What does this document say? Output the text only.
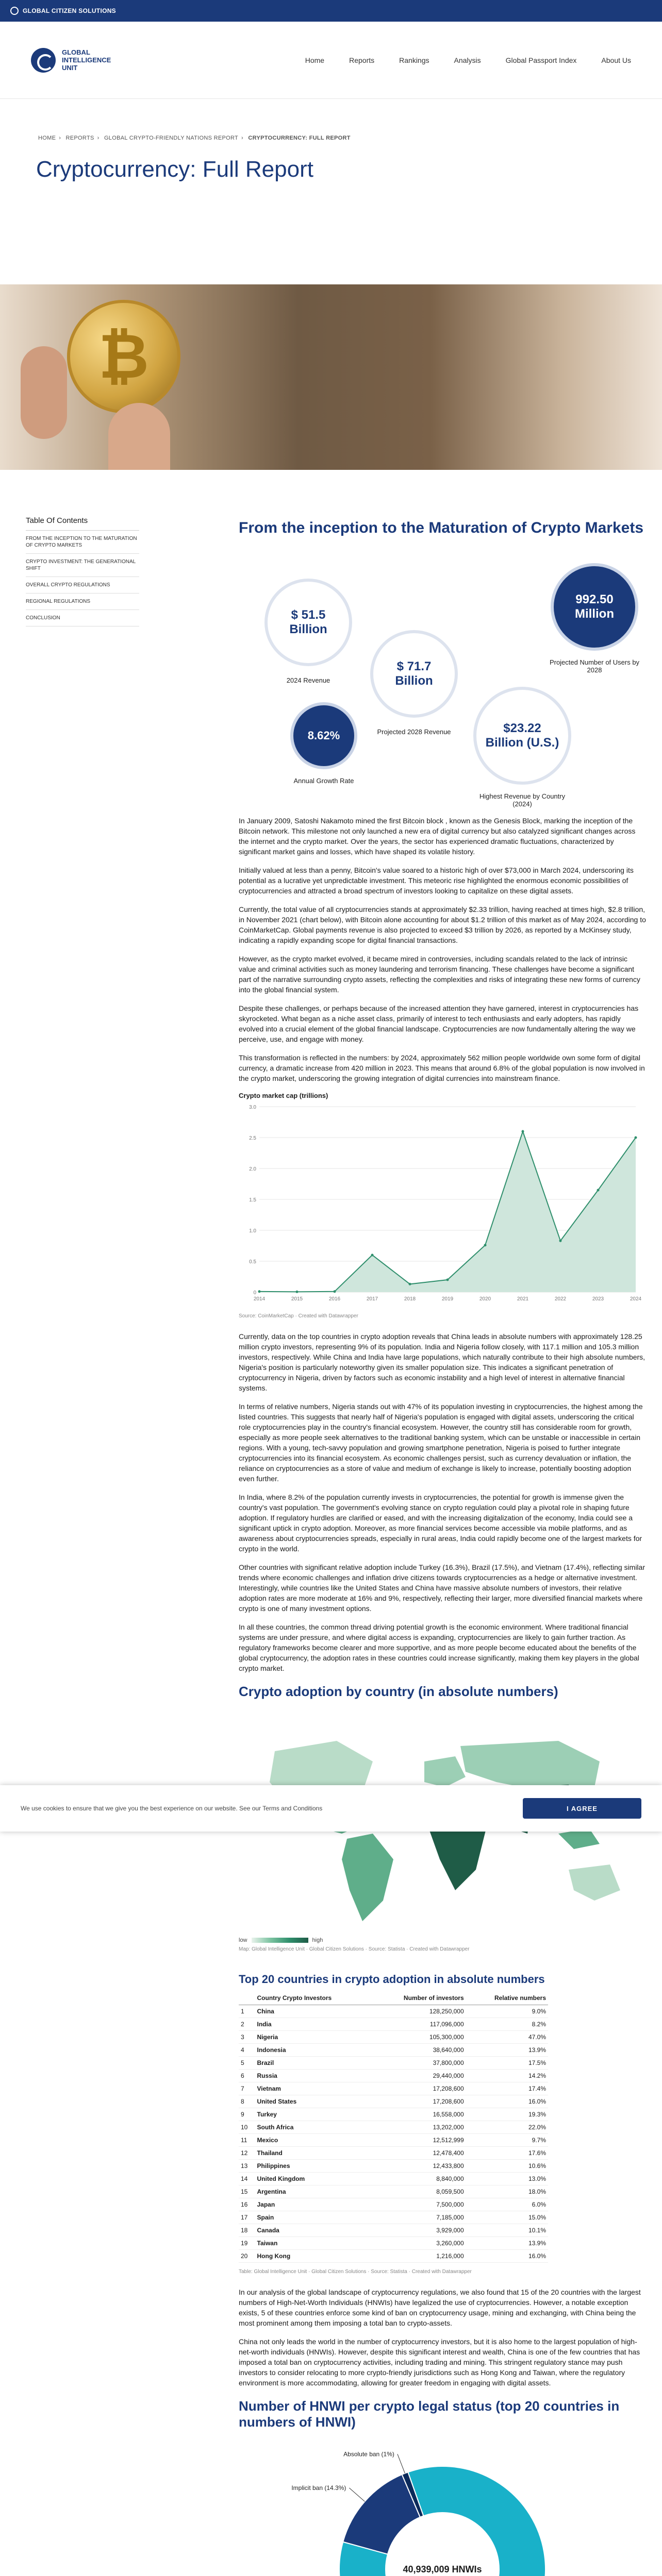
GLOBAL CITIZEN SOLUTIONS
GLOBAL INTELLIGENCE UNIT
Home	Reports	Rankings	Analysis	Global Passport Index	About Us
HOME › REPORTS › GLOBAL CRYPTO-FRIENDLY NATIONS REPORT › CRYPTOCURRENCY: FULL REPORT
Cryptocurrency: Full Report
₿
Table Of Contents
FROM THE INCEPTION TO THE MATURATION OF CRYPTO MARKETS
CRYPTO INVESTMENT: THE GENERATIONAL SHIFT
OVERALL CRYPTO REGULATIONS
REGIONAL REGULATIONS
CONCLUSION
From the inception to the Maturation of Crypto Markets
$ 51.5 Billion
2024 Revenue
$ 71.7 Billion
Projected 2028 Revenue
992.50 Million
Projected Number of Users by 2028
8.62%
Annual Growth Rate
$23.22 Billion (U.S.)
Highest Revenue by Country (2024)

In January 2009, Satoshi Nakamoto mined the first Bitcoin block , known as the Genesis Block, marking the inception of the Bitcoin network. This milestone not only launched a new era of digital currency but also catalyzed significant changes across the internet and the crypto market. Over the years, the sector has experienced dramatic fluctuations, characterized by significant market gains and losses, which have shaped its volatile history.

Initially valued at less than a penny, Bitcoin's value soared to a historic high of over $73,000 in March 2024, underscoring its potential as a lucrative yet unpredictable investment. This meteoric rise highlighted the enormous economic possibilities of cryptocurrencies and attracted a broad spectrum of investors looking to capitalize on these digital assets.

Currently, the total value of all cryptocurrencies stands at approximately $2.33 trillion, having reached at times high, $2.8 trillion, in November 2021 (chart below), with Bitcoin alone accounting for about $1.2 trillion of this market as of May 2024, according to CoinMarketCap. Global payments revenue is also projected to exceed $3 trillion by 2026, as reported by a McKinsey study, indicating a rapidly expanding scope for digital financial transactions.

However, as the crypto market evolved, it became mired in controversies, including scandals related to the lack of intrinsic value and criminal activities such as money laundering and terrorism financing. These challenges have become a significant part of the narrative surrounding crypto assets, reflecting the complexities and risks of integrating these new forms of currency into the global financial system.

Despite these challenges, or perhaps because of the increased attention they have garnered, interest in cryptocurrencies has skyrocketed. What began as a niche asset class, primarily of interest to tech enthusiasts and early adopters, has rapidly evolved into a crucial element of the global financial landscape. Cryptocurrencies are now fundamentally altering the way we perceive, use, and engage with money.

This transformation is reflected in the numbers: by 2024, approximately 562 million people worldwide own some form of digital currency, a dramatic increase from 420 million in 2023. This means that around 6.8% of the global population is now involved in the crypto market, underscoring the growing integration of digital currencies into mainstream finance.

Crypto market cap (trillions)
0
0.5
1.0
1.5
2.0
2.5
3.0
2014	2015	2016	2017	2018	2019	2020	2021	2022	2023	2024
Source: CoinMarketCap · Created with Datawrapper

Currently, data on the top countries in crypto adoption reveals that China leads in absolute numbers with approximately 128.25 million crypto investors, representing 9% of its population. India and Nigeria follow closely, with 117.1 million and 105.3 million investors, respectively. While China and India have large populations, which naturally contribute to their high absolute numbers, Nigeria's position is particularly noteworthy given its smaller population size. This indicates a significant penetration of cryptocurrency in Nigeria, driven by factors such as economic instability and a high level of interest in alternative financial systems.

In terms of relative numbers, Nigeria stands out with 47% of its population investing in cryptocurrencies, the highest among the listed countries. This suggests that nearly half of Nigeria's population is engaged with digital assets, underscoring the critical role cryptocurrencies play in the country's financial ecosystem. However, the country still has considerable room for growth, especially as more people seek alternatives to the traditional banking system, which can be unstable or inaccessible in certain regions. With a young, tech-savvy population and growing smartphone penetration, Nigeria is poised to further integrate cryptocurrencies into its financial ecosystem. As economic challenges persist, such as currency devaluation or inflation, the reliance on cryptocurrencies as a store of value and medium of exchange is likely to increase, potentially boosting adoption even further.

In India, where 8.2% of the population currently invests in cryptocurrencies, the potential for growth is immense given the country's vast population. The government's evolving stance on crypto regulation could play a pivotal role in shaping future adoption. If regulatory hurdles are clarified or eased, and with the increasing digitalization of the economy, India could see a significant uptick in crypto adoption. Moreover, as more financial services become accessible via mobile platforms, and as awareness about cryptocurrencies spreads, especially in rural areas, India could rapidly become one of the largest markets for crypto in the world.

Other countries with significant relative adoption include Turkey (16.3%), Brazil (17.5%), and Vietnam (17.4%), reflecting similar trends where economic challenges and inflation drive citizens towards cryptocurrencies as a hedge or alternative investment. Interestingly, while countries like the United States and China have massive absolute numbers of investors, their relative adoption rates are more moderate at 16% and 9%, respectively, reflecting their larger, more diversified financial markets where crypto is one of many investment options.

In all these countries, the common thread driving potential growth is the economic environment. Where traditional financial systems are under pressure, and where digital access is expanding, cryptocurrencies are likely to gain further traction. As regulatory frameworks become clearer and more supportive, and as more people become educated about the benefits of the global cryptocurrency, the adoption rates in these countries could increase significantly, making them key players in the global crypto market.

Crypto adoption by country (in absolute numbers)
low	high
Map: Global Intelligence Unit · Global Citizen Solutions · Source: Statista · Created with Datawrapper
Top 20 countries in crypto adoption in absolute numbers
	Country Crypto Investors	Number of investors	Relative numbers
1	China	128,250,000	9.0%
2	India	117,096,000	8.2%
3	Nigeria	105,300,000	47.0%
4	Indonesia	38,640,000	13.9%
5	Brazil	37,800,000	17.5%
6	Russia	29,440,000	14.2%
7	Vietnam	17,208,600	17.4%
8	United States	17,208,600	16.0%
9	Turkey	16,558,000	19.3%
10	South Africa	13,202,000	22.0%
11	Mexico	12,512,999	9.7%
12	Thailand	12,478,400	17.6%
13	Philippines	12,433,800	10.6%
14	United Kingdom	8,840,000	13.0%
15	Argentina	8,059,500	18.0%
16	Japan	7,500,000	6.0%
17	Spain	7,185,000	15.0%
18	Canada	3,929,000	10.1%
19	Taiwan	3,260,000	13.9%
20	Hong Kong	1,216,000	16.0%
Table: Global Intelligence Unit · Global Citizen Solutions · Source: Statista · Created with Datawrapper

In our analysis of the global landscape of cryptocurrency regulations, we also found that 15 of the 20 countries with the largest numbers of High-Net-Worth Individuals (HNWIs) have legalized the use of cryptocurrencies. However, a notable exception exists, 5 of these countries enforce some kind of ban on cryptocurrency usage, mining and exchanging, with China being the most prominent among them imposing a total ban to crypto-assets.

China not only leads the world in the number of cryptocurrency investors, but it is also home to the largest population of high-net-worth individuals (HNWIs). However, despite this significant interest and wealth, China is one of the few countries that has imposed a total ban on cryptocurrency activities, including trading and mining. This stringent regulatory stance may push investors to consider relocating to more crypto-friendly jurisdictions such as Hong Kong and Taiwan, where the regulatory environment is more accommodating, allowing for greater freedom in engaging with digital assets.

Number of HNWI per crypto legal status (top 20 countries in numbers of HNWI)
Implicit ban (14.3%)
Absolute ban (1%)
40,939,009 HNWIs

We use cookies to ensure that we give you the best experience on our website. See our Terms and Conditions	I AGREE
